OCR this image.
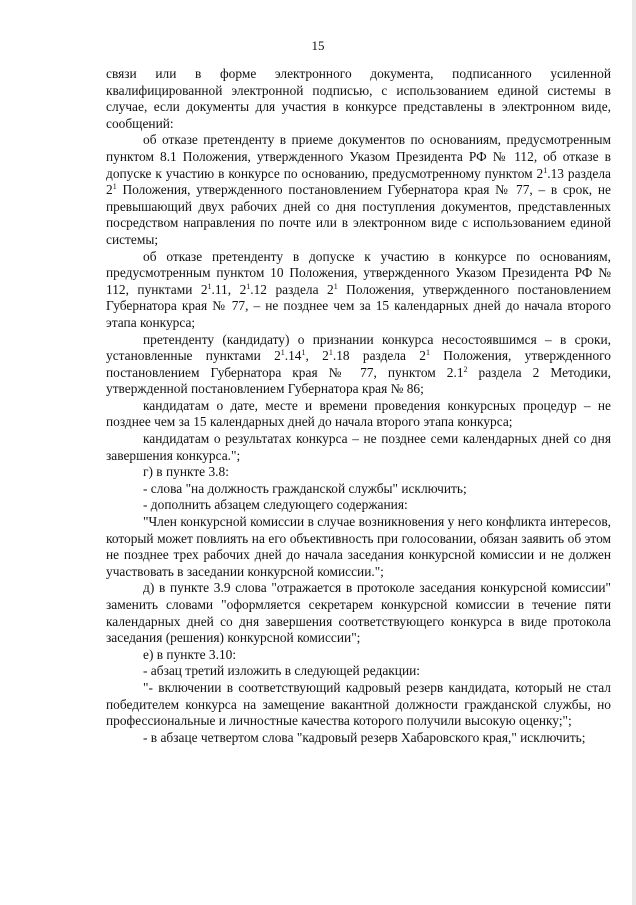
15

связи или в форме электронного документа, подписанного усиленной квалифицированной электронной подписью, с использованием единой системы в случае, если документы для участия в конкурсе представлены в электронном виде, сообщений:

об отказе претенденту в приеме документов по основаниям, предусмотренным пунктом 8.1 Положения, утвержденного Указом Президента РФ № 112, об отказе в допуске к участию в конкурсе по основанию, предусмотренному пунктом $2^1.13$ раздела $2^1$ Положения, утвержденного постановлением Губернатора края № 77, – в срок, не превышающий двух рабочих дней со дня поступления документов, представленных посредством направления по почте или в электронном виде с использованием единой системы;

об отказе претенденту в допуске к участию в конкурсе по основаниям, предусмотренным пунктом 10 Положения, утвержденного Указом Президента РФ № 112, пунктами $2^1.11$, $2^1.12$ раздела $2^1$ Положения, утвержденного постановлением Губернатора края № 77, – не позднее чем за 15 календарных дней до начала второго этапа конкурса;

претенденту (кандидату) о признании конкурса несостоявшимся – в сроки, установленные пунктами $2^1.14^1$, $2^1.18$ раздела $2^1$ Положения, утвержденного постановлением Губернатора края № 77, пунктом $2.1^2$ раздела 2 Методики, утвержденной постановлением Губернатора края № 86;

кандидатам о дате, месте и времени проведения конкурсных процедур – не позднее чем за 15 календарных дней до начала второго этапа конкурса;

кандидатам о результатах конкурса – не позднее семи календарных дней со дня завершения конкурса.";

г) в пункте 3.8:

- слова "на должность гражданской службы" исключить;

- дополнить абзацем следующего содержания:

"Член конкурсной комиссии в случае возникновения у него конфликта интересов, который может повлиять на его объективность при голосовании, обязан заявить об этом не позднее трех рабочих дней до начала заседания конкурсной комиссии и не должен участвовать в заседании конкурсной комиссии.";

д) в пункте 3.9 слова "отражается в протоколе заседания конкурсной комиссии" заменить словами "оформляется секретарем конкурсной комиссии в течение пяти календарных дней со дня завершения соответствующего конкурса в виде протокола заседания (решения) конкурсной комиссии";

е) в пункте 3.10:

- абзац третий изложить в следующей редакции:

"- включении в соответствующий кадровый резерв кандидата, который не стал победителем конкурса на замещение вакантной должности гражданской службы, но профессиональные и личностные качества которого получили высокую оценку;";

- в абзаце четвертом слова "кадровый резерв Хабаровского края," исключить;
